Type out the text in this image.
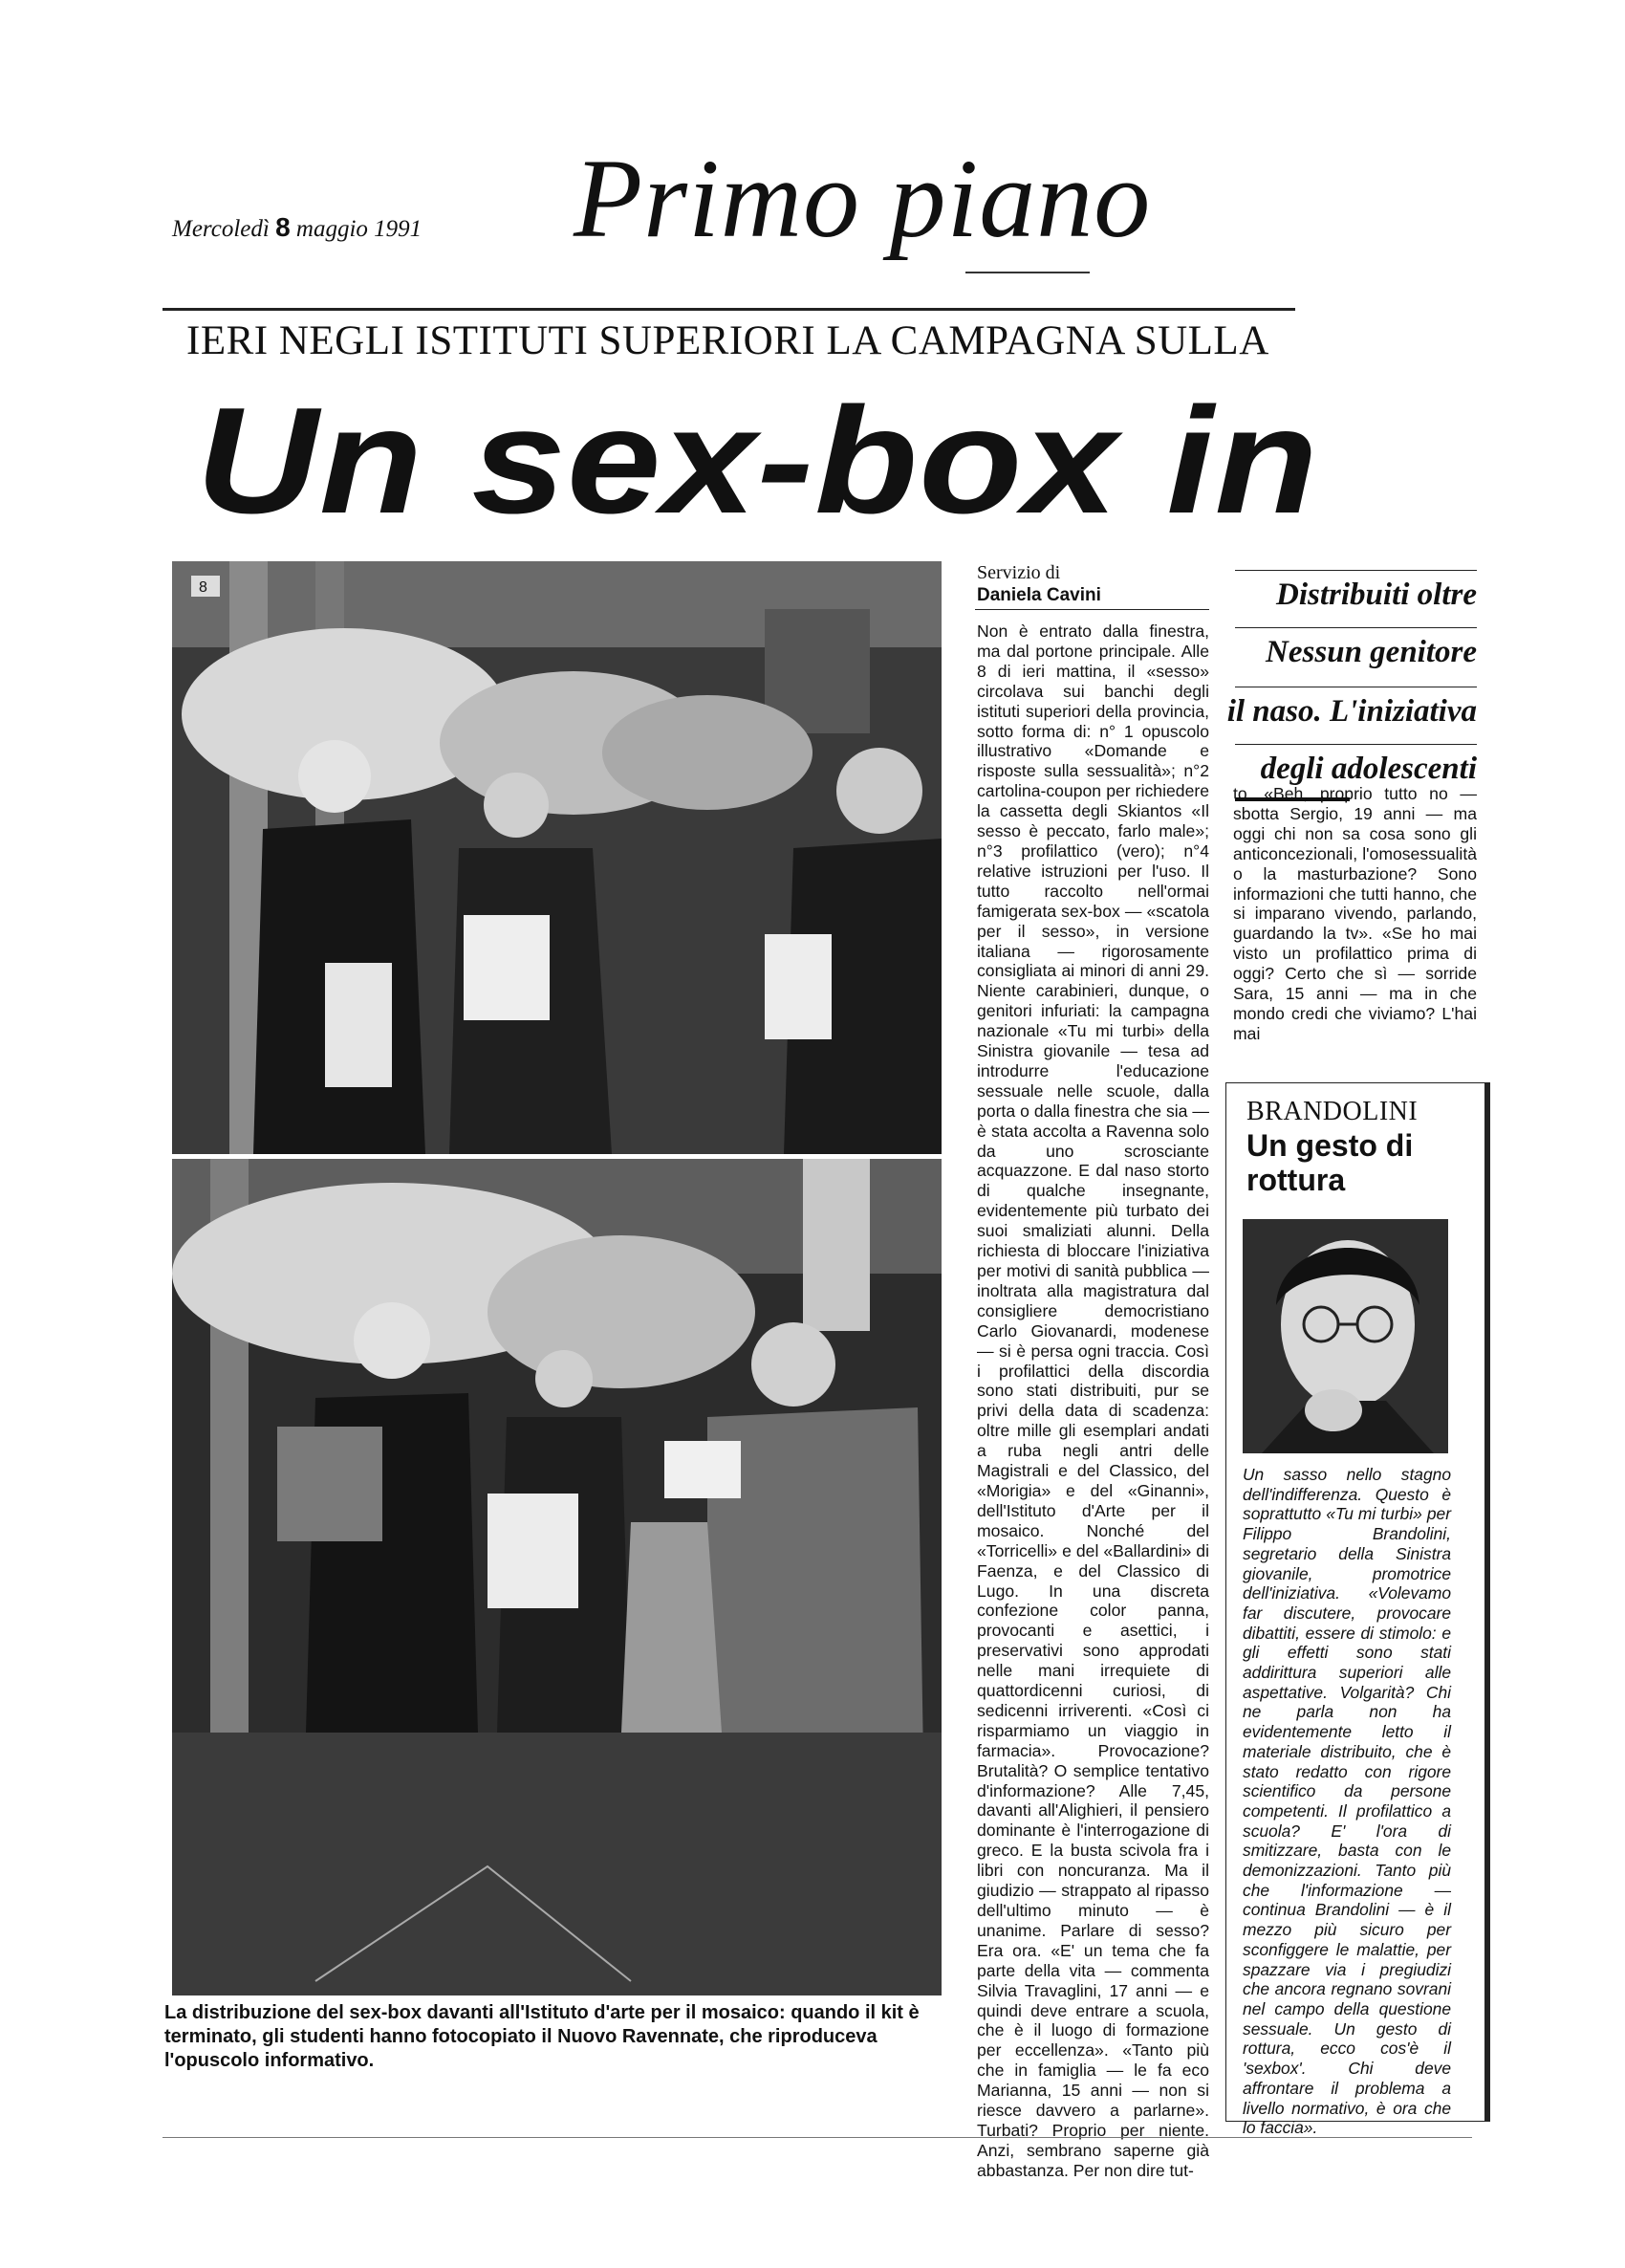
Mercoledì 8 maggio 1991 Primo piano
IERI NEGLI ISTITUTI SUPERIORI LA CAMPAGNA SULLA
Un sex-box in
8
La distribuzione del sex-box davanti all'Istituto d'arte per il mosaico: quando il kit è terminato, gli studenti hanno fotocopiato il Nuovo Ravennate, che riproduceva l'opuscolo informativo.
Servizio di
Daniela Cavini
Non è entrato dalla finestra, ma dal portone principale. Alle 8 di ieri mattina, il «sesso» circolava sui banchi degli istituti superiori della provincia, sotto forma di: n° 1 opuscolo illustrativo «Domande e risposte sulla sessualità»; n°2 cartolina-coupon per richiedere la cassetta degli Skiantos «Il sesso è peccato, farlo male»; n°3 profilattico (vero); n°4 relative istruzioni per l'uso. Il tutto raccolto nell'ormai famigerata sex-box — «scatola per il sesso», in versione italiana — rigorosamente consigliata ai minori di anni 29. Niente carabinieri, dunque, o genitori infuriati: la campagna nazionale «Tu mi turbi» della Sinistra giovanile — tesa ad introdurre l'educazione sessuale nelle scuole, dalla porta o dalla finestra che sia — è stata accolta a Ravenna solo da uno scrosciante acquazzone. E dal naso storto di qualche insegnante, evidentemente più turbato dei suoi smaliziati alunni. Della richiesta di bloccare l'iniziativa per motivi di sanità pubblica — inoltrata alla magistratura dal consigliere democristiano Carlo Giovanardi, modenese — si è persa ogni traccia. Così i profilattici della discordia sono stati distribuiti, pur se privi della data di scadenza: oltre mille gli esemplari andati a ruba negli antri delle Magistrali e del Classico, del «Morigia» e del «Ginanni», dell'Istituto d'Arte per il mosaico. Nonché del «Torricelli» e del «Ballardini» di Faenza, e del Classico di Lugo. In una discreta confezione color panna, provocanti e asettici, i preservativi sono approdati nelle mani irrequiete di quattordicenni curiosi, di sedicenni irriverenti. «Così ci risparmiamo un viaggio in farmacia». Provocazione? Brutalità? O semplice tentativo d'informazione? Alle 7,45, davanti all'Alighieri, il pensiero dominante è l'interrogazione di greco. E la busta scivola fra i libri con noncuranza. Ma il giudizio — strappato al ripasso dell'ultimo minuto — è unanime. Parlare di sesso? Era ora. «E' un tema che fa parte della vita — commenta Silvia Travaglini, 17 anni — e quindi deve entrare a scuola, che è il luogo di formazione per eccellenza». «Tanto più che in famiglia — le fa eco Marianna, 15 anni — non si riesce davvero a parlarne». Turbati? Proprio per niente. Anzi, sembrano saperne già abbastanza. Per non dire tut-
Distribuiti oltre
Nessun genitore
il naso. L'iniziativa
degli adolescenti
to. «Beh, proprio tutto no — sbotta Sergio, 19 anni — ma oggi chi non sa cosa sono gli anticoncezionali, l'omosessualità o la masturbazione? Sono informazioni che tutti hanno, che si imparano vivendo, parlando, guardando la tv». «Se ho mai visto un profilattico prima di oggi? Certo che sì — sorride Sara, 15 anni — ma in che mondo credi che viviamo? L'hai mai
BRANDOLINI
Un gesto di rottura
Un sasso nello stagno dell'indifferenza. Questo è soprattutto «Tu mi turbi» per Filippo Brandolini, segretario della Sinistra giovanile, promotrice dell'iniziativa. «Volevamo far discutere, provocare dibattiti, essere di stimolo: e gli effetti sono stati addirittura superiori alle aspettative. Volgarità? Chi ne parla non ha evidentemente letto il materiale distribuito, che è stato redatto con rigore scientifico da persone competenti. Il profilattico a scuola? E' l'ora di smitizzare, basta con le demonizzazioni. Tanto più che l'informazione — continua Brandolini — è il mezzo più sicuro per sconfiggere le malattie, per spazzare via i pregiudizi che ancora regnano sovrani nel campo della questione sessuale. Un gesto di rottura, ecco cos'è il 'sexbox'. Chi deve affrontare il problema a livello normativo, è ora che lo faccia».
